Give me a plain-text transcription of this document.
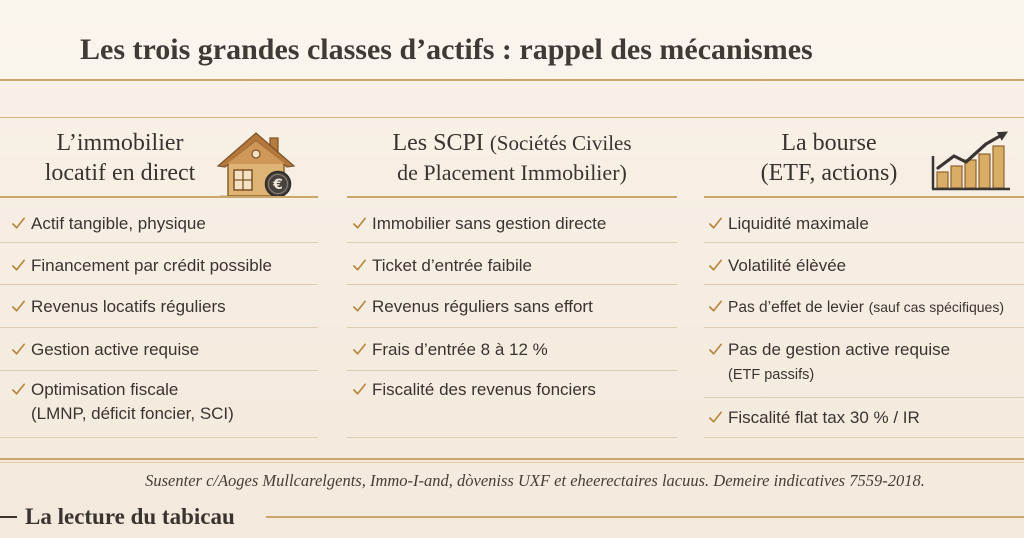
Les trois grandes classes d’actifs : rappel des mécanismes
L’immobilier
locatif en direct	€
Actif tangible, physique
Financement par crédit possible
Revenus locatifs réguliers
Gestion active requise
Optimisation fiscale
(LMNP, déficit foncier, SCI)
Les SCPI (Sociétés Civiles
de Placement Immobilier)
Immobilier sans gestion directe
Ticket d’entrée faibile
Revenus réguliers sans effort
Frais d’entrée 8 à 12 %
Fiscalité des revenus fonciers
La bourse
(ETF, actions)
Liquidité maximale
Volatilité élèvée
Pas d’effet de levier (sauf cas spécifiques)
Pas de gestion active requise
(ETF passifs)
Fiscalité flat tax 30 % / IR

Susenter c/Aoges Mullcarelgents, Immo-I-and, dòveniss UXF et eheerectaires lacuus. Demeire indicatives 7559-2018.

La lecture du tabicau
